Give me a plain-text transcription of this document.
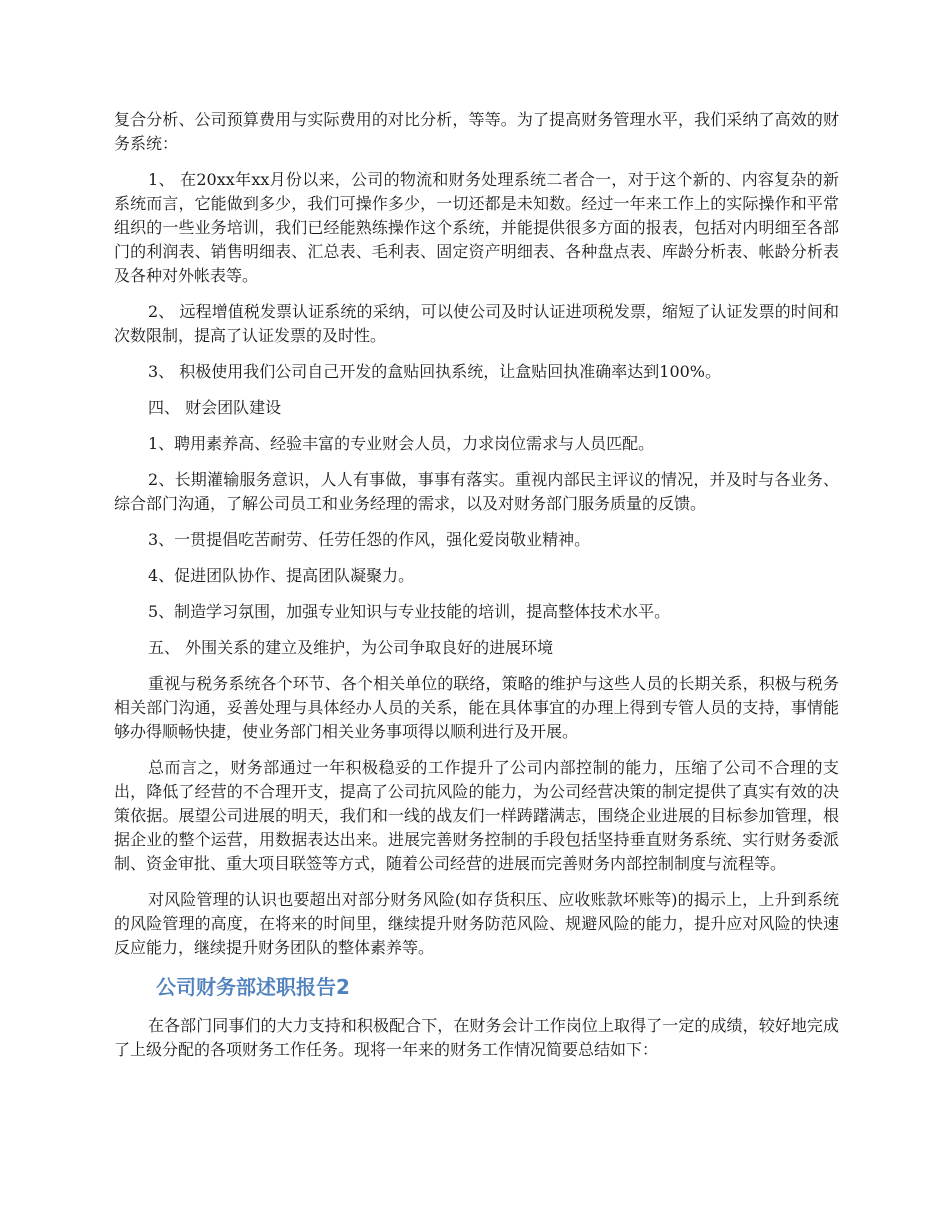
复合分析、公司预算费用与实际费用的对比分析，等等。为了提高财务管理水平，我们采纳了高效的财务系统：

1、 在20xx年xx月份以来，公司的物流和财务处理系统二者合一，对于这个新的、内容复杂的新系统而言，它能做到多少，我们可操作多少，一切还都是未知数。经过一年来工作上的实际操作和平常组织的一些业务培训，我们已经能熟练操作这个系统，并能提供很多方面的报表，包括对内明细至各部门的利润表、销售明细表、汇总表、毛利表、固定资产明细表、各种盘点表、库龄分析表、帐龄分析表及各种对外帐表等。

2、 远程增值税发票认证系统的采纳，可以使公司及时认证进项税发票，缩短了认证发票的时间和次数限制，提高了认证发票的及时性。

3、 积极使用我们公司自己开发的盒贴回执系统，让盒贴回执准确率达到100%。

四、 财会团队建设

1、聘用素养高、经验丰富的专业财会人员，力求岗位需求与人员匹配。

2、长期灌输服务意识，人人有事做，事事有落实。重视内部民主评议的情况，并及时与各业务、综合部门沟通，了解公司员工和业务经理的需求，以及对财务部门服务质量的反馈。

3、一贯提倡吃苦耐劳、任劳任怨的作风，强化爱岗敬业精神。

4、促进团队协作、提高团队凝聚力。

5、制造学习氛围，加强专业知识与专业技能的培训，提高整体技术水平。

五、 外围关系的建立及维护，为公司争取良好的进展环境

重视与税务系统各个环节、各个相关单位的联络，策略的维护与这些人员的长期关系，积极与税务相关部门沟通，妥善处理与具体经办人员的关系，能在具体事宜的办理上得到专管人员的支持，事情能够办得顺畅快捷，使业务部门相关业务事项得以顺利进行及开展。

总而言之，财务部通过一年积极稳妥的工作提升了公司内部控制的能力，压缩了公司不合理的支出，降低了经营的不合理开支，提高了公司抗风险的能力，为公司经营决策的制定提供了真实有效的决策依据。展望公司进展的明天，我们和一线的战友们一样踌躇满志，围绕企业进展的目标参加管理，根据企业的整个运营，用数据表达出来。进展完善财务控制的手段包括坚持垂直财务系统、实行财务委派制、资金审批、重大项目联签等方式，随着公司经营的进展而完善财务内部控制制度与流程等。

对风险管理的认识也要超出对部分财务风险(如存货积压、应收账款坏账等)的揭示上，上升到系统的风险管理的高度，在将来的时间里，继续提升财务防范风险、规避风险的能力，提升应对风险的快速反应能力，继续提升财务团队的整体素养等。

公司财务部述职报告2

在各部门同事们的大力支持和积极配合下，在财务会计工作岗位上取得了一定的成绩，较好地完成了上级分配的各项财务工作任务。现将一年来的财务工作情况简要总结如下：
